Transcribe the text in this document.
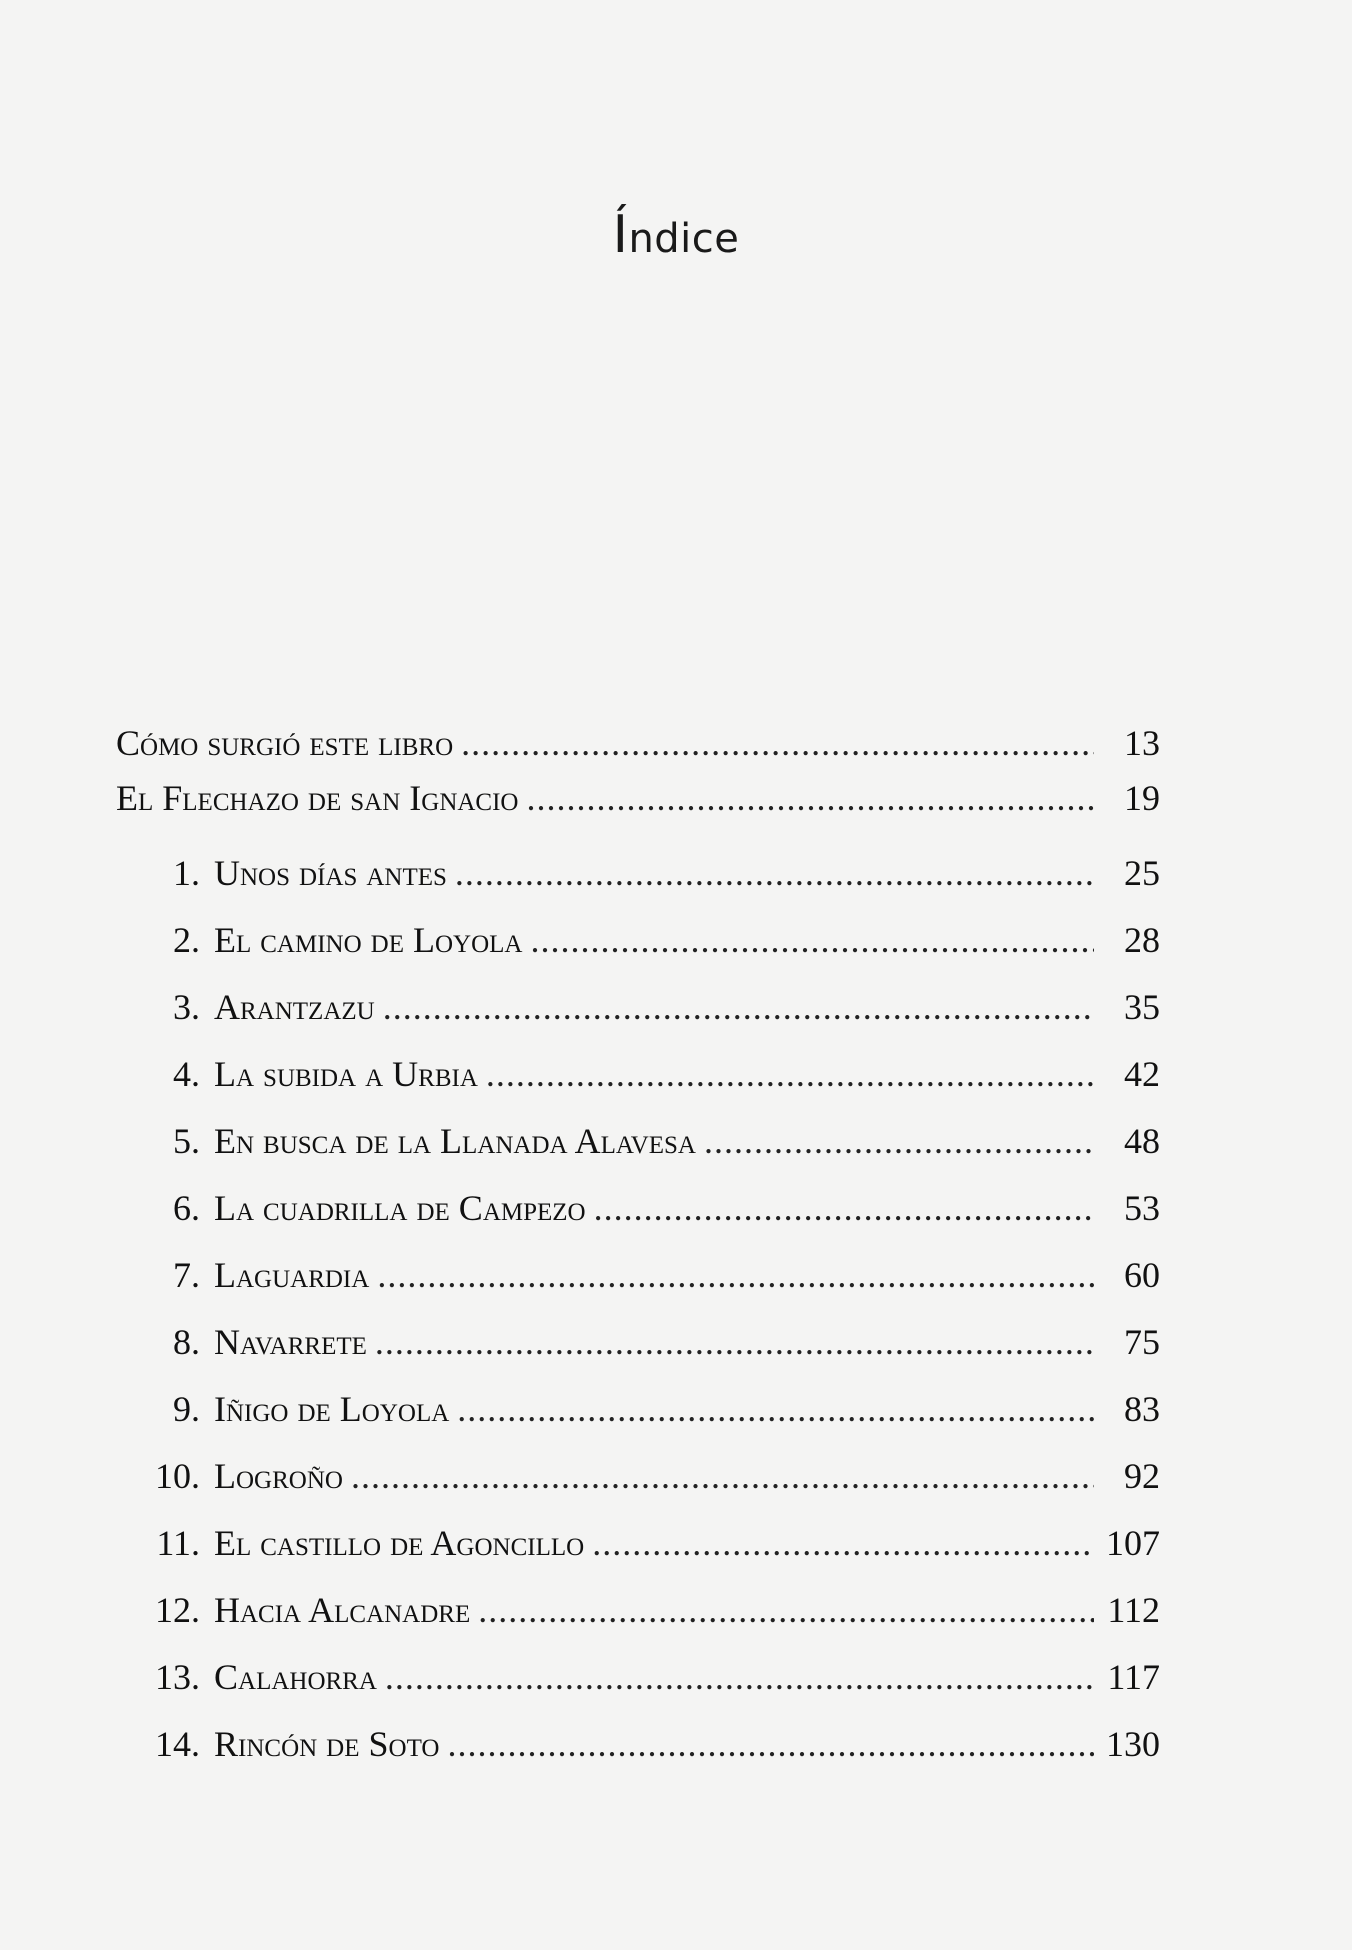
Índice
Cómo surgió este libro .....	13
El Flechazo de san Ignacio .....	19
1. Unos días antes .....	25
2. El camino de Loyola .....	28
3. Arantzazu .....	35
4. La subida a Urbia .....	42
5. En busca de la Llanada Alavesa .....	48
6. La cuadrilla de Campezo .....	53
7. Laguardia .....	60
8. Navarrete .....	75
9. Iñigo de Loyola .....	83
10. Logroño .....	92
11. El castillo de Agoncillo .....	107
12. Hacia Alcanadre .....	112
13. Calahorra .....	117
14. Rincón de Soto .....	130
